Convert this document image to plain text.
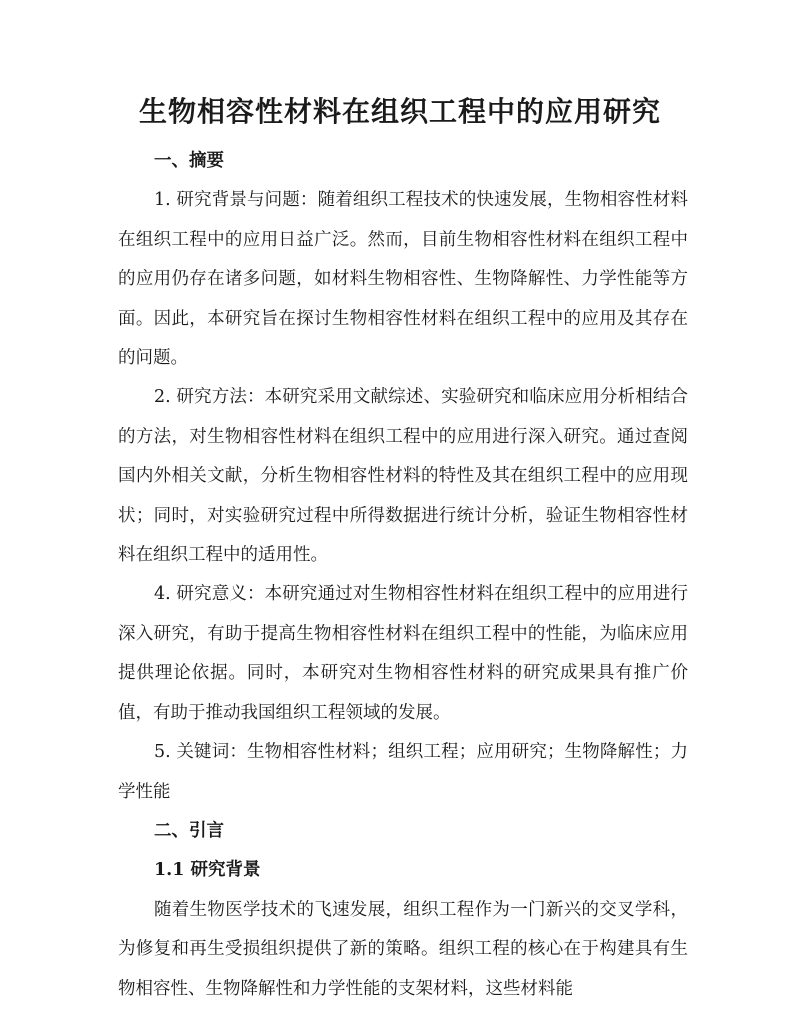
生物相容性材料在组织工程中的应用研究
一、摘要

1. 研究背景与问题：随着组织工程技术的快速发展，生物相容性材料在组织工程中的应用日益广泛。然而，目前生物相容性材料在组织工程中的应用仍存在诸多问题，如材料生物相容性、生物降解性、力学性能等方面。因此，本研究旨在探讨生物相容性材料在组织工程中的应用及其存在的问题。

2. 研究方法：本研究采用文献综述、实验研究和临床应用分析相结合的方法，对生物相容性材料在组织工程中的应用进行深入研究。通过查阅国内外相关文献，分析生物相容性材料的特性及其在组织工程中的应用现状；同时，对实验研究过程中所得数据进行统计分析，验证生物相容性材料在组织工程中的适用性。

4. 研究意义：本研究通过对生物相容性材料在组织工程中的应用进行深入研究，有助于提高生物相容性材料在组织工程中的性能，为临床应用提供理论依据。同时，本研究对生物相容性材料的研究成果具有推广价值，有助于推动我国组织工程领域的发展。

5. 关键词：生物相容性材料；组织工程；应用研究；生物降解性；力学性能

二、引言
1.1 研究背景

随着生物医学技术的飞速发展，组织工程作为一门新兴的交叉学科，为修复和再生受损组织提供了新的策略。组织工程的核心在于构建具有生物相容性、生物降解性和力学性能的支架材料，这些材料能
